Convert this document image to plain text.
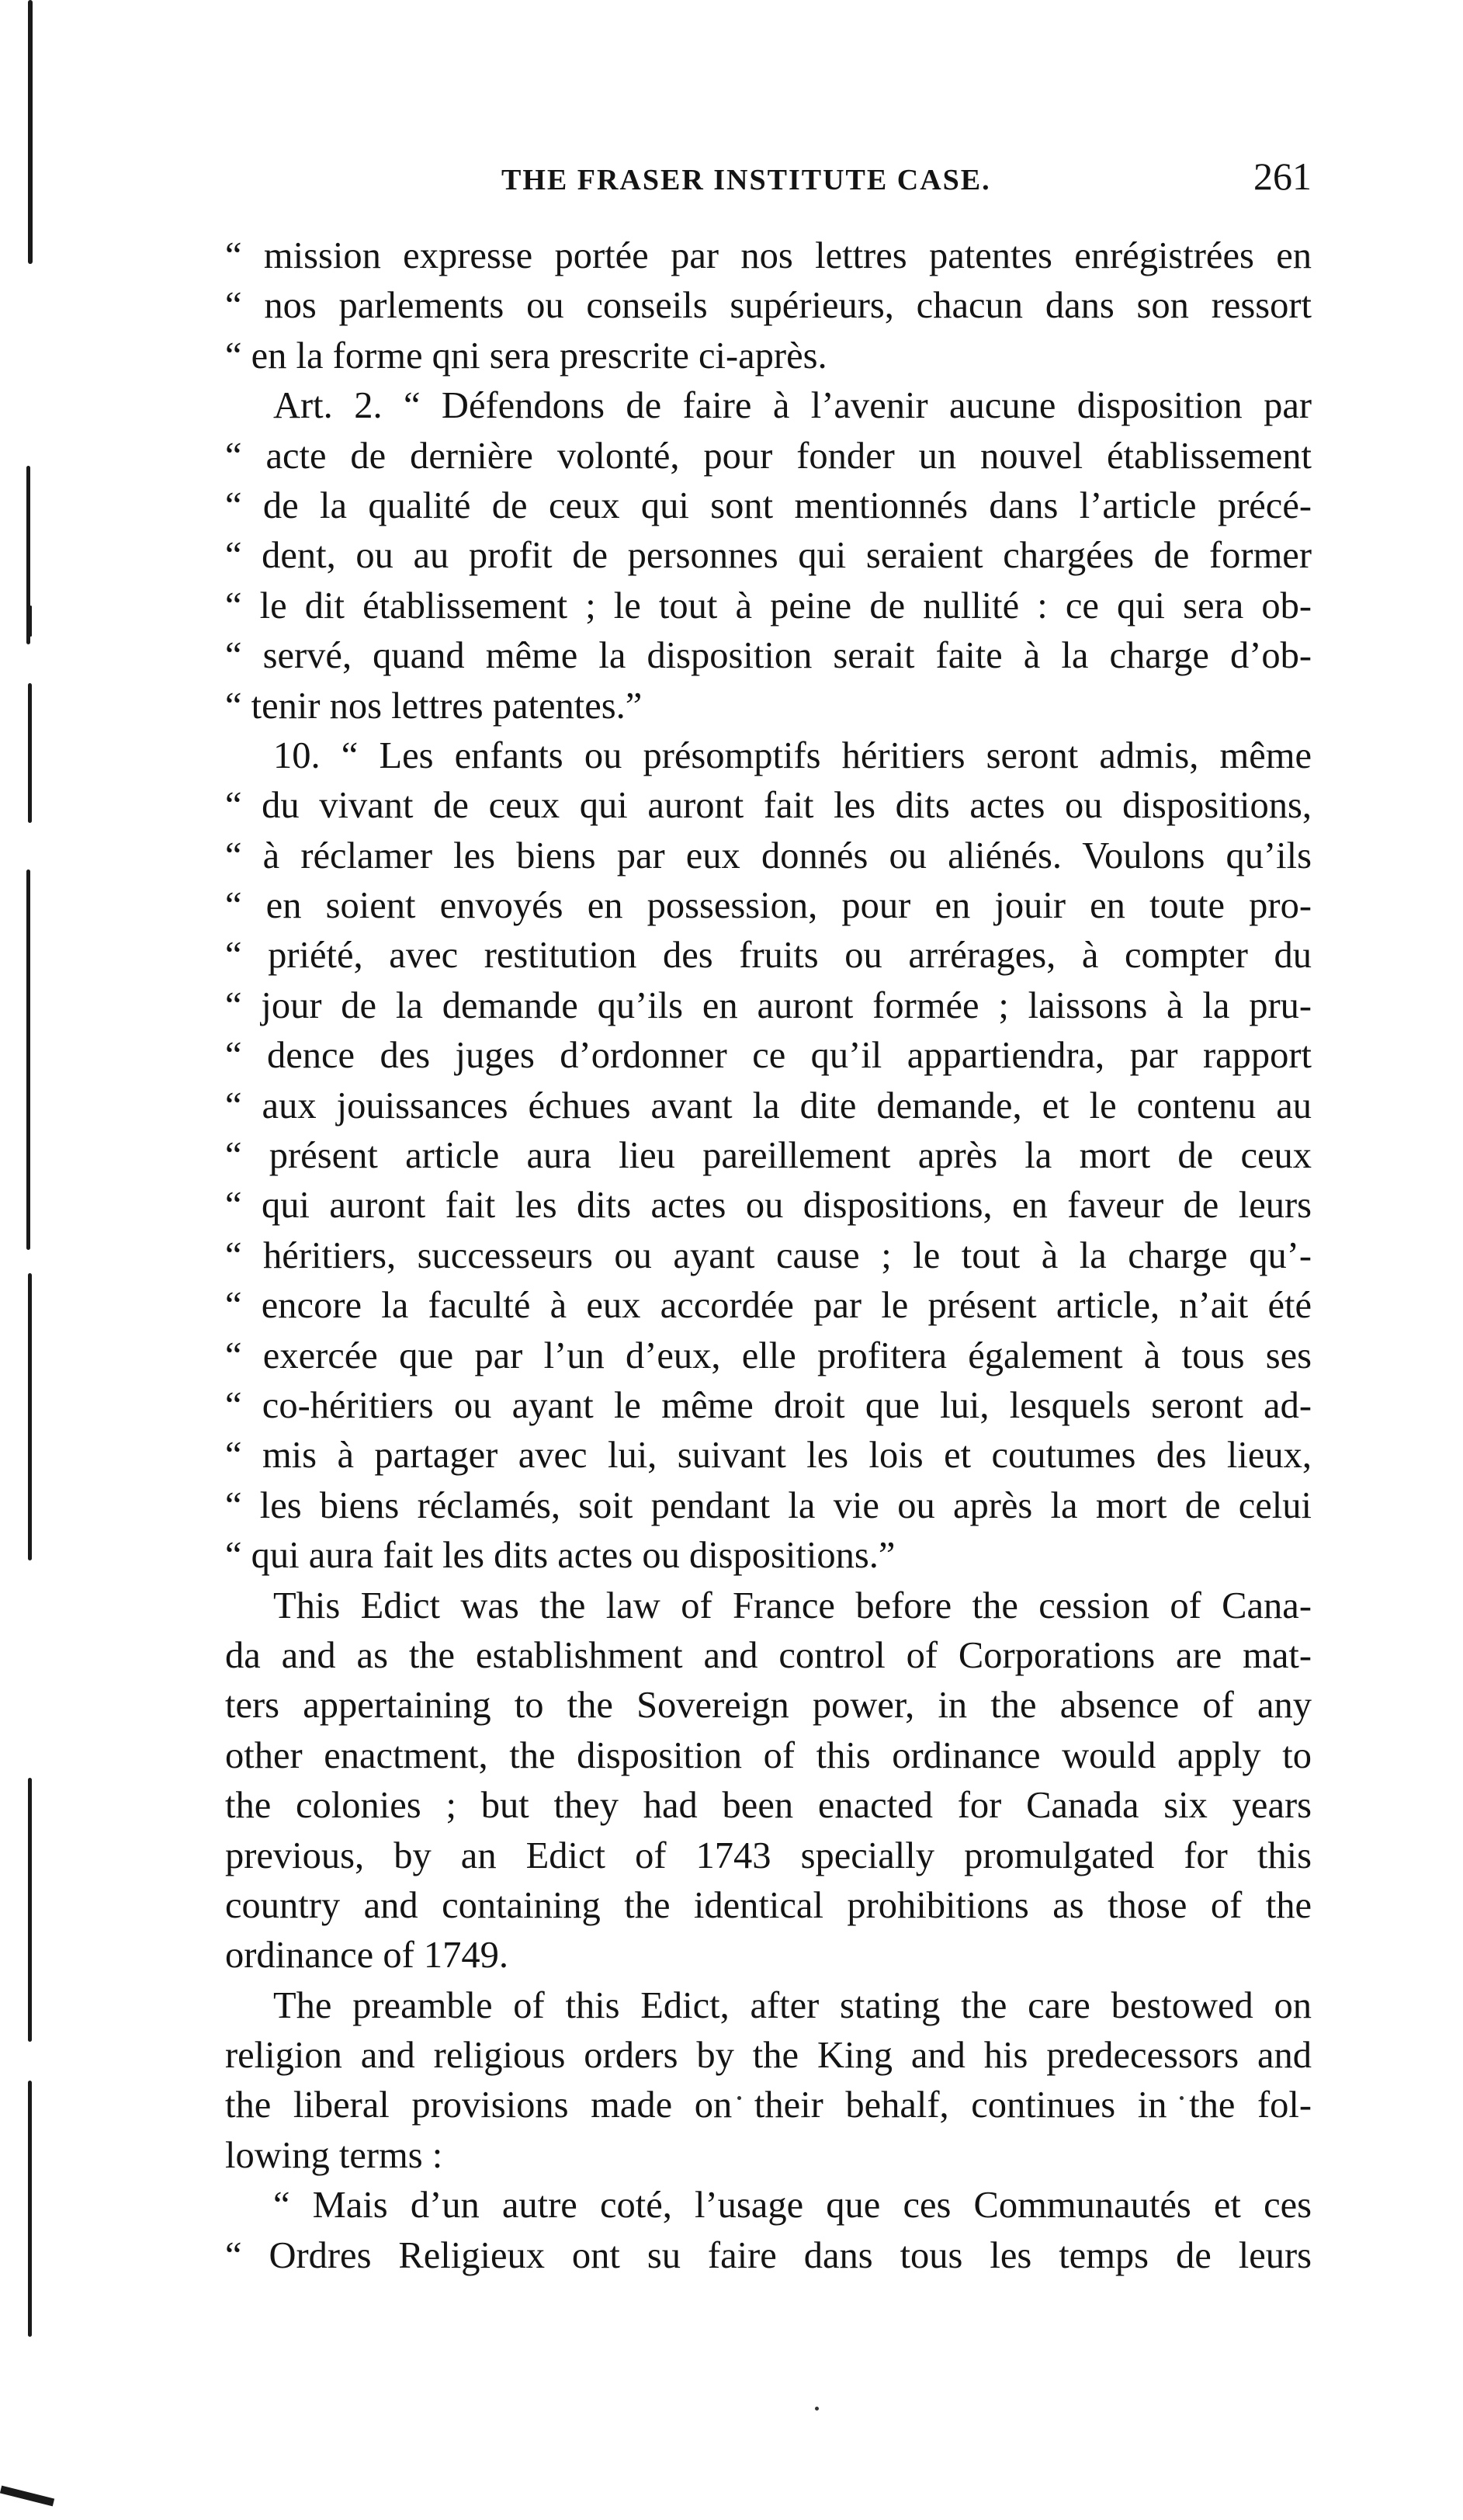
THE FRASER INSTITUTE CASE.	261
“ mission expresse portée par nos lettres patentes enrégistrées en
“ nos parlements ou conseils supérieurs, chacun dans son ressort
“ en la forme qni sera prescrite ci-après.
Art. 2. “ Défendons de faire à l’avenir aucune disposition par
“ acte de dernière volonté, pour fonder un nouvel établissement
“ de la qualité de ceux qui sont mentionnés dans l’article précé-
“ dent, ou au profit de personnes qui seraient chargées de former
“ le dit établissement ; le tout à peine de nullité : ce qui sera ob-
“ servé, quand même la disposition serait faite à la charge d’ob-
“ tenir nos lettres patentes.”
10. “ Les enfants ou présomptifs héritiers seront admis, même
“ du vivant de ceux qui auront fait les dits actes ou dispositions,
“ à réclamer les biens par eux donnés ou aliénés. Voulons qu’ils
“ en soient envoyés en possession, pour en jouir en toute pro-
“ priété, avec restitution des fruits ou arrérages, à compter du
“ jour de la demande qu’ils en auront formée ; laissons à la pru-
“ dence des juges d’ordonner ce qu’il appartiendra, par rapport
“ aux jouissances échues avant la dite demande, et le contenu au
“ présent article aura lieu pareillement après la mort de ceux
“ qui auront fait les dits actes ou dispositions, en faveur de leurs
“ héritiers, successeurs ou ayant cause ; le tout à la charge qu’-
“ encore la faculté à eux accordée par le présent article, n’ait été
“ exercée que par l’un d’eux, elle profitera également à tous ses
“ co-héritiers ou ayant le même droit que lui, lesquels seront ad-
“ mis à partager avec lui, suivant les lois et coutumes des lieux,
“ les biens réclamés, soit pendant la vie ou après la mort de celui
“ qui aura fait les dits actes ou dispositions.”
This Edict was the law of France before the cession of Cana-
da and as the establishment and control of Corporations are mat-
ters appertaining to the Sovereign power, in the absence of any
other enactment, the disposition of this ordinance would apply to
the colonies ; but they had been enacted for Canada six years
previous, by an Edict of 1743 specially promulgated for this
country and containing the identical prohibitions as those of the
ordinance of 1749.
The preamble of this Edict, after stating the care bestowed on
religion and religious orders by the King and his predecessors and
the liberal provisions made on their behalf, continues in the fol-
lowing terms :
“ Mais d’un autre coté, l’usage que ces Communautés et ces
“ Ordres Religieux ont su faire dans tous les temps de leurs
